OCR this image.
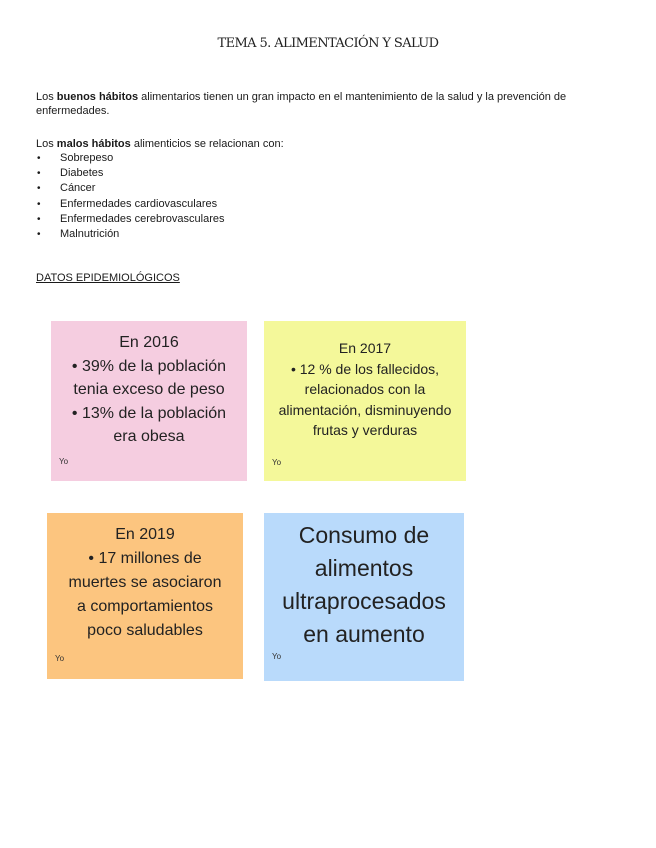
TEMA 5. ALIMENTACIÓN Y SALUD

Los buenos hábitos alimentarios tienen un gran impacto en el mantenimiento de la salud y la prevención de enfermedades.

Los malos hábitos alimenticios se relacionan con:

• Sobrepeso
• Diabetes
• Cáncer
• Enfermedades cardiovasculares
• Enfermedades cerebrovasculares
• Malnutrición
DATOS EPIDEMIOLÓGICOS
En 2016
• 39% de la población
tenia exceso de peso
• 13% de la población
era obesa
Yo
En 2017
• 12 % de los fallecidos,
relacionados con la
alimentación, disminuyendo
frutas y verduras
Yo
En 2019
• 17 millones de
muertes se asociaron
a comportamientos
poco saludables
Yo
Consumo de
alimentos
ultraprocesados
en aumento
Yo
